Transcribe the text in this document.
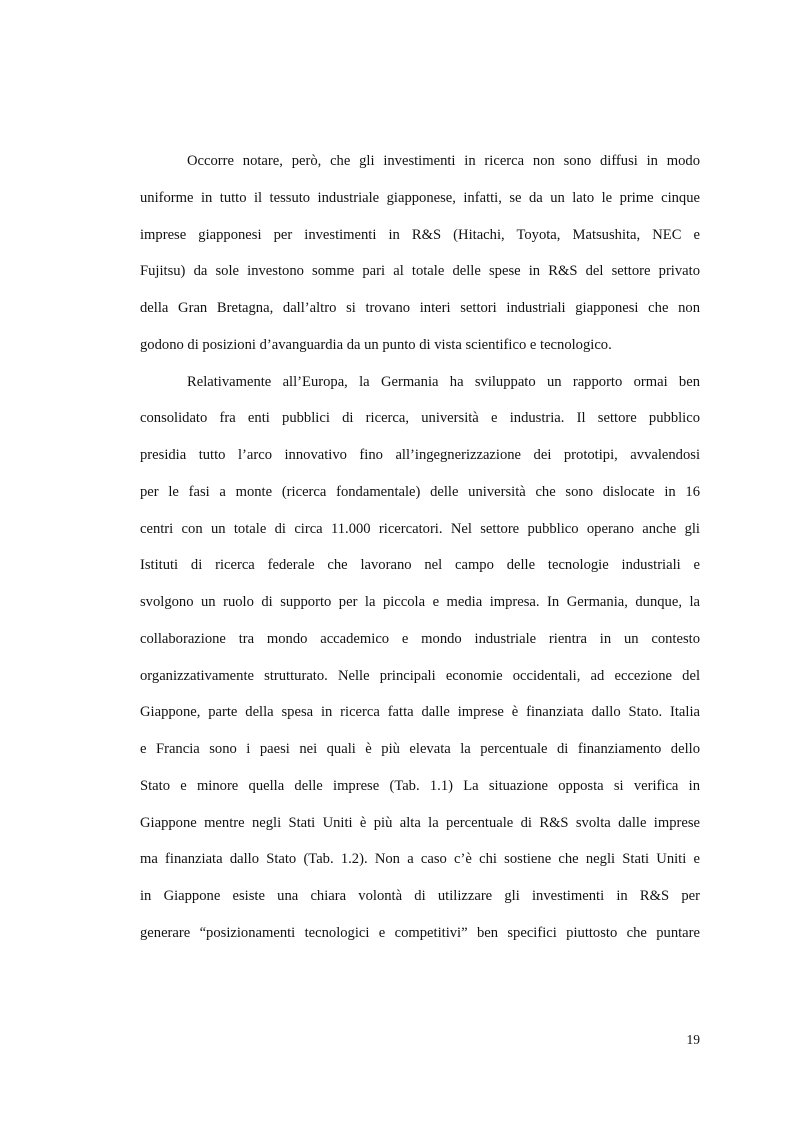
Occorre notare, però, che gli investimenti in ricerca non sono diffusi in modo
uniforme in tutto il tessuto industriale giapponese, infatti, se da un lato le prime cinque
imprese giapponesi per investimenti in R&S (Hitachi, Toyota, Matsushita, NEC e
Fujitsu) da sole investono somme pari al totale delle spese in R&S del settore privato
della Gran Bretagna, dall’altro si trovano interi settori industriali giapponesi che non
godono di posizioni d’avanguardia da un punto di vista scientifico e tecnologico.
Relativamente all’Europa, la Germania ha sviluppato un rapporto ormai ben
consolidato fra enti pubblici di ricerca, università e industria. Il settore pubblico
presidia tutto l’arco innovativo fino all’ingegnerizzazione dei prototipi, avvalendosi
per le fasi a monte (ricerca fondamentale) delle università che sono dislocate in 16
centri con un totale di circa 11.000 ricercatori. Nel settore pubblico operano anche gli
Istituti di ricerca federale che lavorano nel campo delle tecnologie industriali e
svolgono un ruolo di supporto per la piccola e media impresa. In Germania, dunque, la
collaborazione tra mondo accademico e mondo industriale rientra in un contesto
organizzativamente strutturato. Nelle principali economie occidentali, ad eccezione del
Giappone, parte della spesa in ricerca fatta dalle imprese è finanziata dallo Stato. Italia
e Francia sono i paesi nei quali è più elevata la percentuale di finanziamento dello
Stato e minore quella delle imprese (Tab. 1.1) La situazione opposta si verifica in
Giappone mentre negli Stati Uniti è più alta la percentuale di R&S svolta dalle imprese
ma finanziata dallo Stato (Tab. 1.2). Non a caso c’è chi sostiene che negli Stati Uniti e
in Giappone esiste una chiara volontà di utilizzare gli investimenti in R&S per
generare “posizionamenti tecnologici e competitivi” ben specifici piuttosto che puntare
19
